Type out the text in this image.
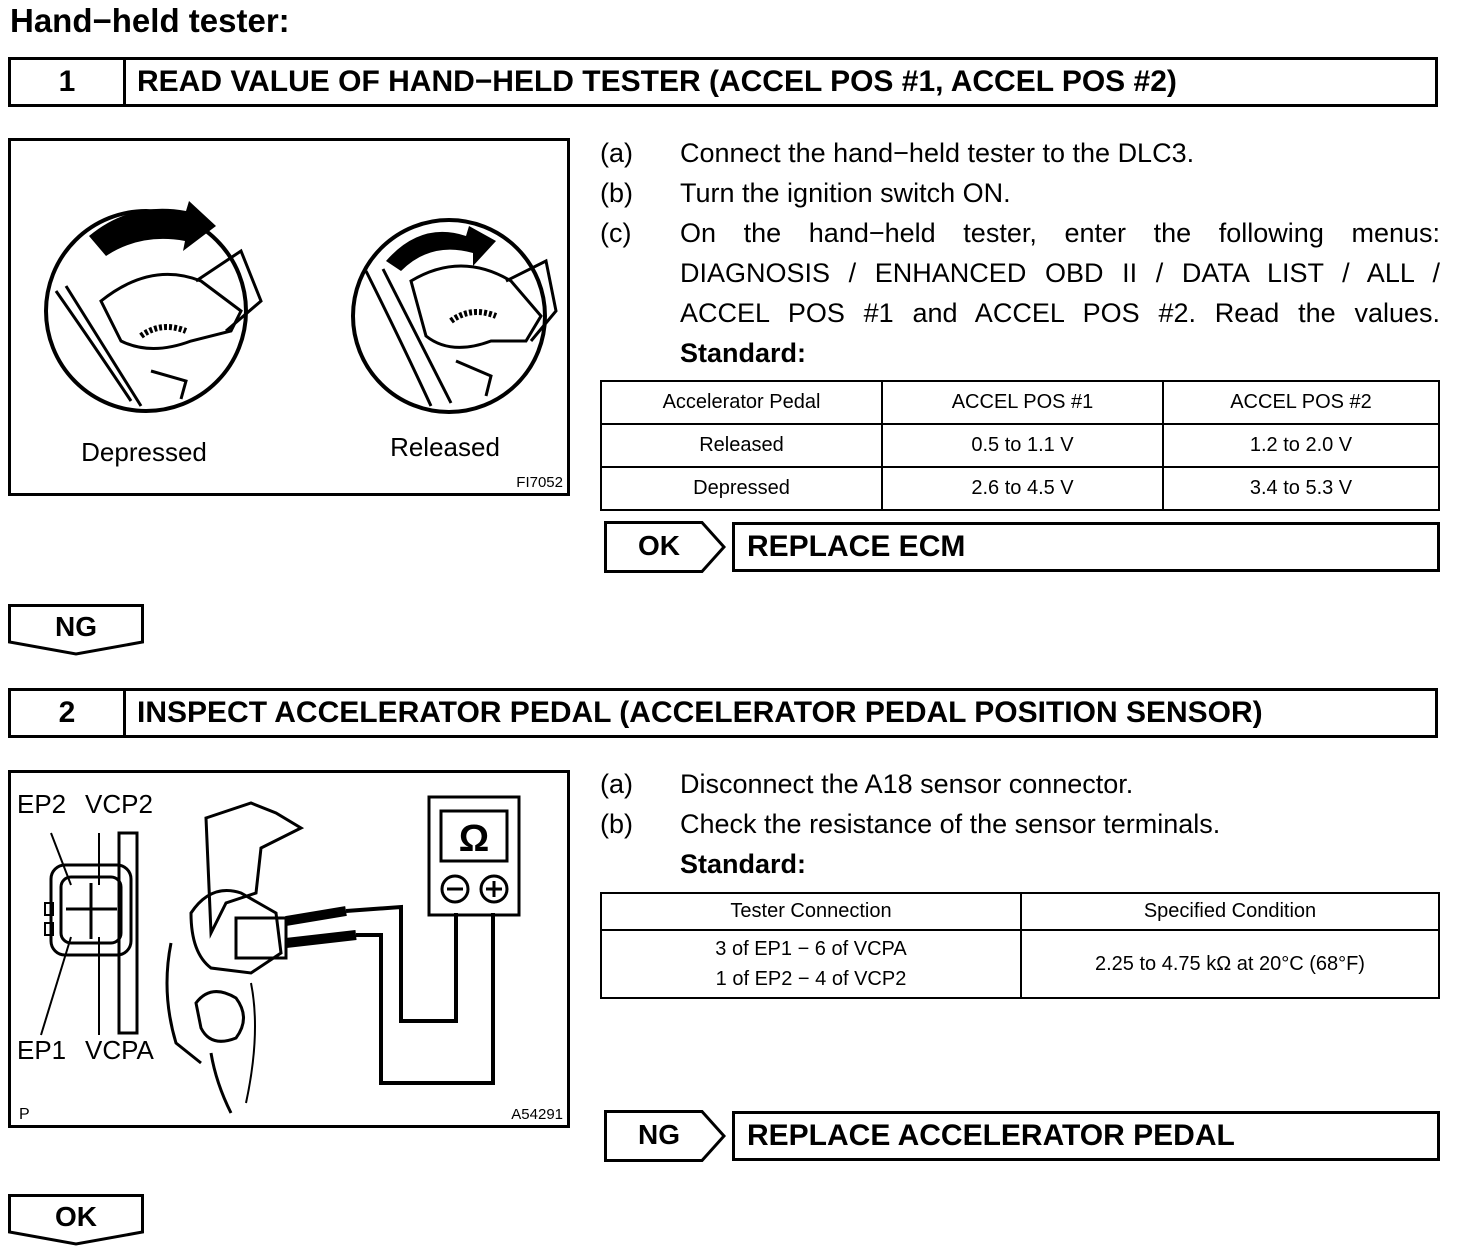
Hand−held tester:
1	READ VALUE OF HAND−HELD TESTER (ACCEL POS #1, ACCEL POS #2)
Depressed	Released
FI7052
(a) Connect the hand−held tester to the DLC3.
(b) Turn the ignition switch ON.
(c) On the hand−held tester, enter the following menus:
DIAGNOSIS / ENHANCED OBD II / DATA LIST / ALL /
ACCEL POS #1 and ACCEL POS #2. Read the values.
Standard:
Accelerator Pedal	ACCEL POS #1	ACCEL POS #2
Released	0.5 to 1.1 V	1.2 to 2.0 V
Depressed	2.6 to 4.5 V	3.4 to 5.3 V
OK	REPLACE ECM
NG
2	INSPECT ACCELERATOR PEDAL (ACCELERATOR PEDAL POSITION SENSOR)
EP2 VCP2
EP1 VCPA
Ω
P	A54291
(a) Disconnect the A18 sensor connector.
(b) Check the resistance of the sensor terminals.
Standard:
Tester Connection	Specified Condition

3 of EP1 − 6 of VCPA
1 of EP2 − 4 of VCP2	2.25 to 4.75 kΩ at 20°C (68°F)
NG	REPLACE ACCELERATOR PEDAL
OK
